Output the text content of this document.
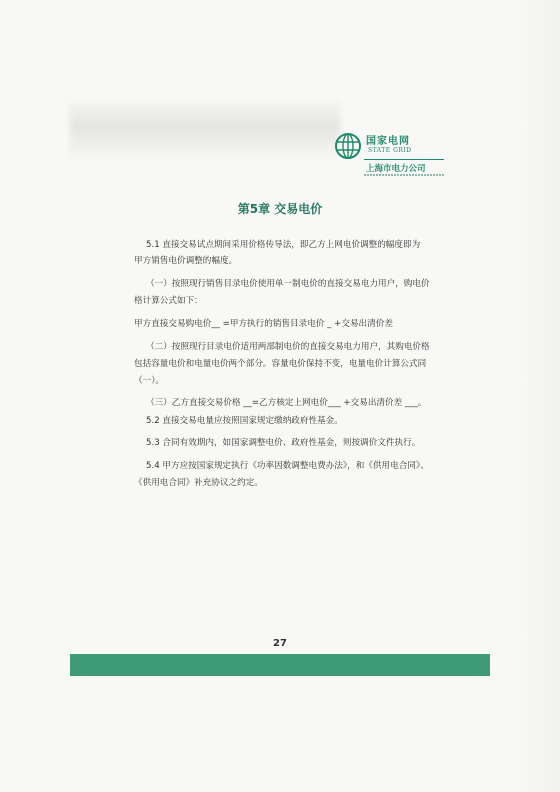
国家电网
STATE GRID
上海市电力公司
第5章 交易电价
5.1 直接交易试点期间采用价格传导法，即乙方上网电价调整的幅度即为
甲方销售电价调整的幅度。
（一）按照现行销售目录电价使用单一制电价的直接交易电力用户，购电价
格计算公式如下：
甲方直接交易购电价__ =甲方执行的销售目录电价 _ +交易出清价差
（二）按照现行目录电价适用两部制电价的直接交易电力用户，其购电价格
包括容量电价和电量电价两个部分。容量电价保持不变，电量电价计算公式同
（一）。
（三）乙方直接交易价格 __=乙方核定上网电价___ +交易出清价差 ___。
5.2 直接交易电量应按照国家规定缴纳政府性基金。
5.3 合同有效期内，如国家调整电价、政府性基金，则按调价文件执行。
5.4 甲方应按国家规定执行《功率因数调整电费办法》，和《供用电合同》、
《供用电合同》补充协议之约定。
27
